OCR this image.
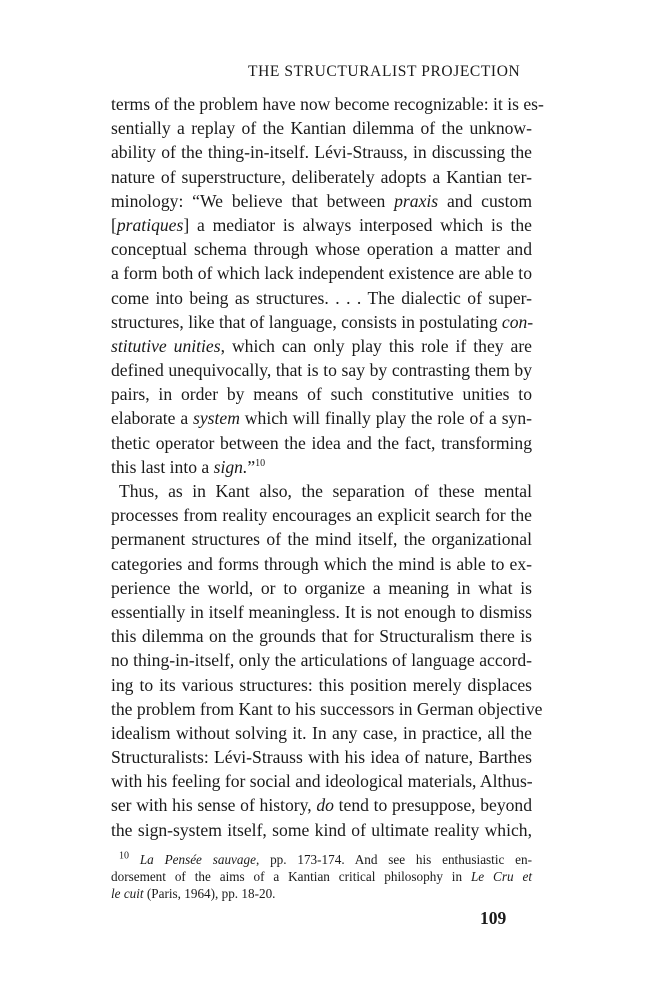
THE STRUCTURALIST PROJECTION
terms of the problem have now become recognizable: it is es-
sentially a replay of the Kantian dilemma of the unknow-
ability of the thing-in-itself. Lévi-Strauss, in discussing the
nature of superstructure, deliberately adopts a Kantian ter-
minology: “We believe that between praxis and custom
[pratiques] a mediator is always interposed which is the
conceptual schema through whose operation a matter and
a form both of which lack independent existence are able to
come into being as structures. . . . The dialectic of super-
structures, like that of language, consists in postulating con-
stitutive unities, which can only play this role if they are
defined unequivocally, that is to say by contrasting them by
pairs, in order by means of such constitutive unities to
elaborate a system which will finally play the role of a syn-
thetic operator between the idea and the fact, transforming
this last into a sign.”$^{10}$
Thus, as in Kant also, the separation of these mental
processes from reality encourages an explicit search for the
permanent structures of the mind itself, the organizational
categories and forms through which the mind is able to ex-
perience the world, or to organize a meaning in what is
essentially in itself meaningless. It is not enough to dismiss
this dilemma on the grounds that for Structuralism there is
no thing-in-itself, only the articulations of language accord-
ing to its various structures: this position merely displaces
the problem from Kant to his successors in German objective
idealism without solving it. In any case, in practice, all the
Structuralists: Lévi-Strauss with his idea of nature, Barthes
with his feeling for social and ideological materials, Althus-
ser with his sense of history, do tend to presuppose, beyond
the sign-system itself, some kind of ultimate reality which,
$^{10}$ La Pensée sauvage, pp. 173-174. And see his enthusiastic en-
dorsement of the aims of a Kantian critical philosophy in Le Cru et
le cuit (Paris, 1964), pp. 18-20.
109
